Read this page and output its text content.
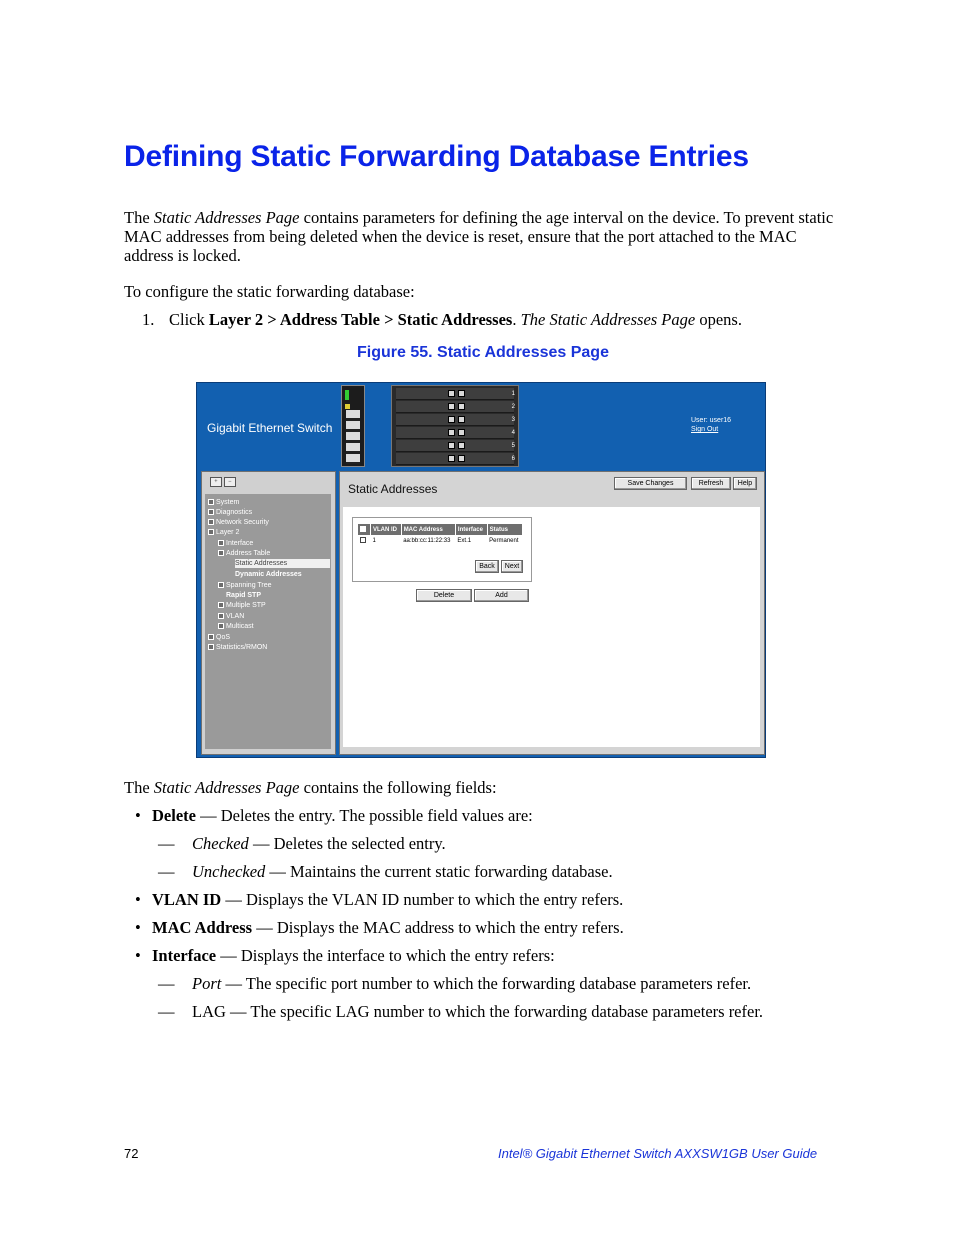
Defining Static Forwarding Database Entries
The Static Addresses Page contains parameters for defining the age interval on the device. To prevent static MAC addresses from being deleted when the device is reset, ensure that the port attached to the MAC address is locked.
To configure the static forwarding database:
1. Click Layer 2 > Address Table > Static Addresses. The Static Addresses Page opens.
Figure 55. Static Addresses Page
Gigabit Ethernet Switch
1
2
3
4
5
6
User: user16
Sign Out
+	−
System
Diagnostics
Network Security
Layer 2
Interface
Address Table
Static Addresses
Dynamic Addresses
Spanning Tree
Rapid STP
Multiple STP
VLAN
Multicast
QoS
Statistics/RMON
Static Addresses	Save Changes	Refresh	Help
	VLAN ID	MAC Address	Interface	Status
	1	aa:bb:cc:11:22:33	Ext.1	Permanent
Back	Next
Delete	Add
The Static Addresses Page contains the following fields:
• Delete — Deletes the entry. The possible field values are:
— Checked — Deletes the selected entry.
— Unchecked — Maintains the current static forwarding database.
• VLAN ID — Displays the VLAN ID number to which the entry refers.
• MAC Address — Displays the MAC address to which the entry refers.
• Interface — Displays the interface to which the entry refers:
— Port — The specific port number to which the forwarding database parameters refer.
— LAG — The specific LAG number to which the forwarding database parameters refer.
72	Intel® Gigabit Ethernet Switch AXXSW1GB User Guide
